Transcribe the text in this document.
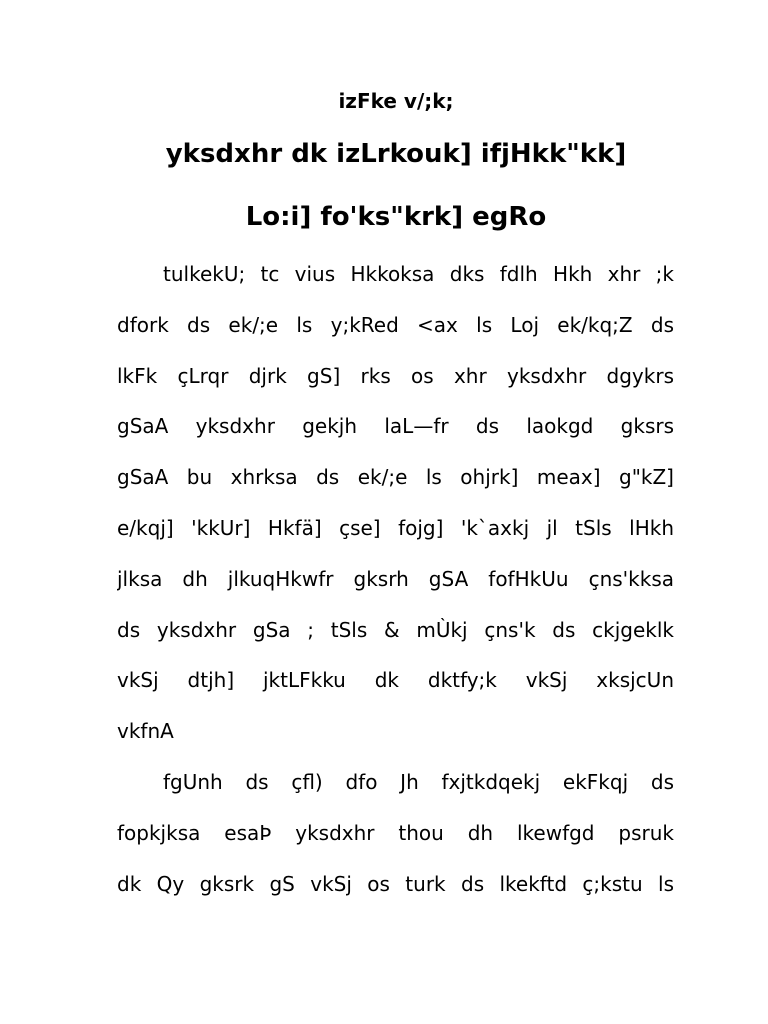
izFke v/;k;
yksdxhr dk izLrkouk] ifjHkk"kk]
Lo:i] fo'ks"krk] egRo
tulkekU; tc vius Hkkoksa dks fdlh Hkh xhr ;k
dfork ds ek/;e ls y;kRed <ax ls Loj ek/kq;Z ds
lkFk çLrqr djrk gS] rks os xhr yksdxhr dgykrs
gSaA yksdxhr gekjh laL—fr ds laokgd gksrs
gSaA bu xhrksa ds ek/;e ls ohjrk] meax] g"kZ]
e/kqj] 'kkUr] Hkfä] çse] fojg] 'k`axkj jl tSls lHkh
jlksa dh jlkuqHkwfr gksrh gSA fofHkUu çns'kksa
ds yksdxhr gSa ; tSls & mÙkj çns'k ds ckjgeklk
vkSj dtjh] jktLFkku dk dktfy;k vkSj xksjcUn
vkfnA
fgUnh ds çfl) dfo Jh fxjtkdqekj ekFkqj ds
fopkjksa esaÞ yksdxhr thou dh lkewfgd psruk
dk Qy gksrk gS vkSj os turk ds lkekftd ç;kstu ls
